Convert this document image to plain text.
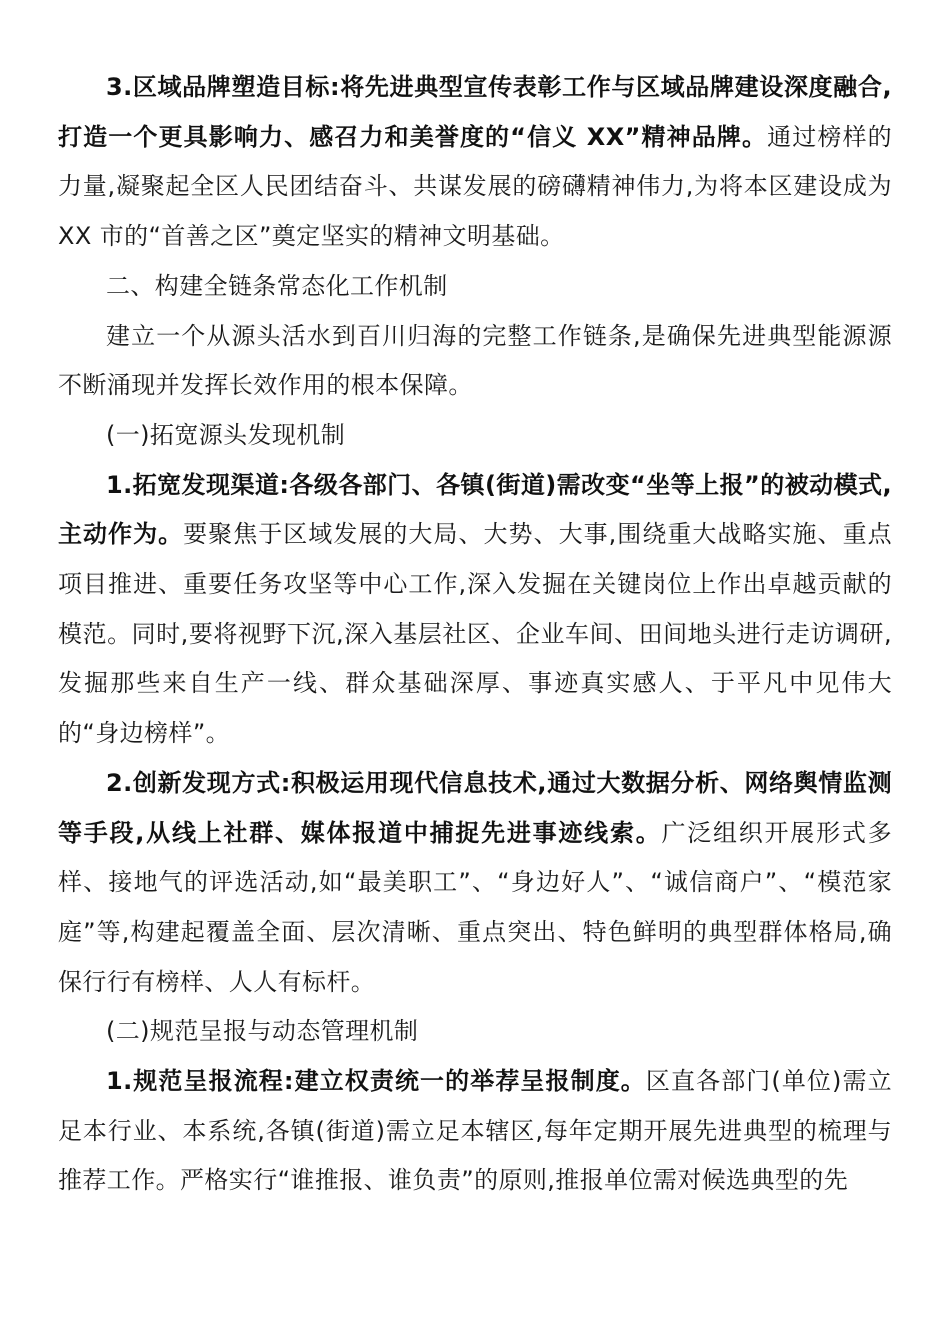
3.区域品牌塑造目标:将先进典型宣传表彰工作与区域品牌建设深度融合,打造一个更具影响力、感召力和美誉度的“信义 XX”精神品牌。通过榜样的力量,凝聚起全区人民团结奋斗、共谋发展的磅礴精神伟力,为将本区建设成为 XX 市的“首善之区”奠定坚实的精神文明基础。

二、构建全链条常态化工作机制

建立一个从源头活水到百川归海的完整工作链条,是确保先进典型能源源不断涌现并发挥长效作用的根本保障。

(一)拓宽源头发现机制

1.拓宽发现渠道:各级各部门、各镇(街道)需改变“坐等上报”的被动模式,主动作为。要聚焦于区域发展的大局、大势、大事,围绕重大战略实施、重点项目推进、重要任务攻坚等中心工作,深入发掘在关键岗位上作出卓越贡献的模范。同时,要将视野下沉,深入基层社区、企业车间、田间地头进行走访调研,发掘那些来自生产一线、群众基础深厚、事迹真实感人、于平凡中见伟大的“身边榜样”。

2.创新发现方式:积极运用现代信息技术,通过大数据分析、网络舆情监测等手段,从线上社群、媒体报道中捕捉先进事迹线索。广泛组织开展形式多样、接地气的评选活动,如“最美职工”、“身边好人”、“诚信商户”、“模范家庭”等,构建起覆盖全面、层次清晰、重点突出、特色鲜明的典型群体格局,确保行行有榜样、人人有标杆。

(二)规范呈报与动态管理机制

1.规范呈报流程:建立权责统一的举荐呈报制度。区直各部门(单位)需立足本行业、本系统,各镇(街道)需立足本辖区,每年定期开展先进典型的梳理与推荐工作。严格实行“谁推报、谁负责”的原则,推报单位需对候选典型的先
